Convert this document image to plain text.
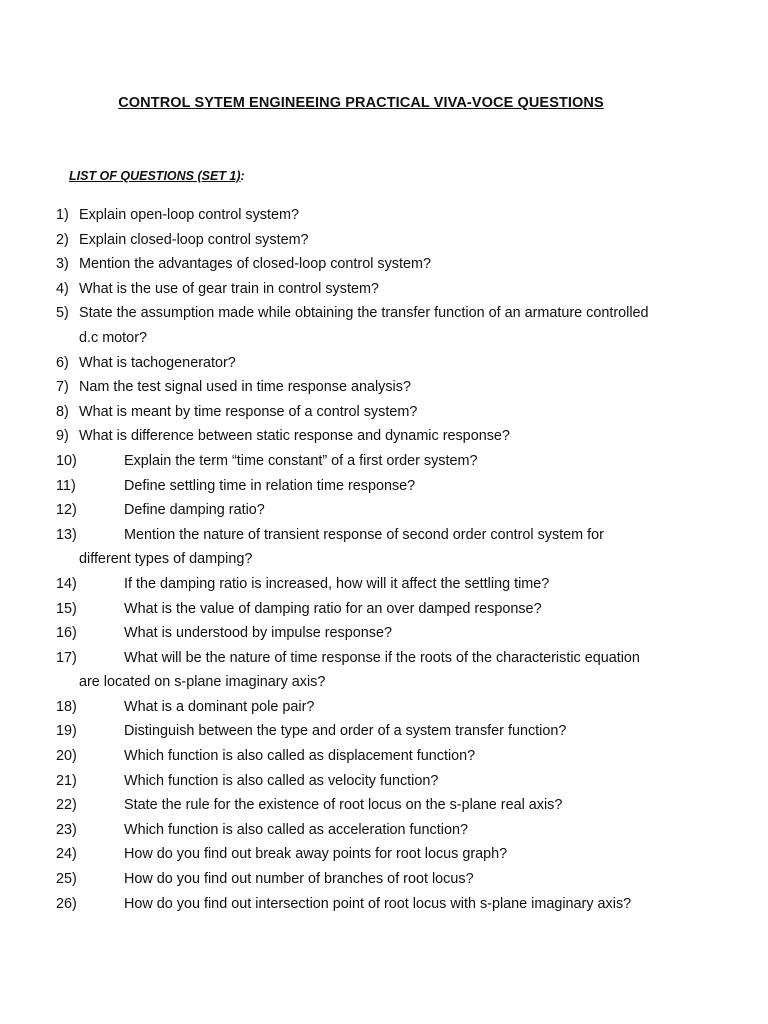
CONTROL SYTEM ENGINEEING PRACTICAL VIVA-VOCE QUESTIONS
LIST OF QUESTIONS (SET 1):
1) Explain open-loop control system?
2) Explain closed-loop control system?
3) Mention the advantages of closed-loop control system?
4) What is the use of gear train in control system?
5) State the assumption made while obtaining the transfer function of an armature controlled
d.c motor?
6) What is tachogenerator?
7) Nam the test signal used in time response analysis?
8) What is meant by time response of a control system?
9) What is difference between static response and dynamic response?
10)	Explain the term “time constant” of a first order system?
11)	Define settling time in relation time response?
12)	Define damping ratio?
13)	Mention the nature of transient response of second order control system for
different types of damping?
14)	If the damping ratio is increased, how will it affect the settling time?
15)	What is the value of damping ratio for an over damped response?
16)	What is understood by impulse response?
17)	What will be the nature of time response if the roots of the characteristic equation
are located on s-plane imaginary axis?
18)	What is a dominant pole pair?
19)	Distinguish between the type and order of a system transfer function?
20)	Which function is also called as displacement function?
21)	Which function is also called as velocity function?
22)	State the rule for the existence of root locus on the s-plane real axis?
23)	Which function is also called as acceleration function?
24)	How do you find out break away points for root locus graph?
25)	How do you find out number of branches of root locus?
26)	How do you find out intersection point of root locus with s-plane imaginary axis?
